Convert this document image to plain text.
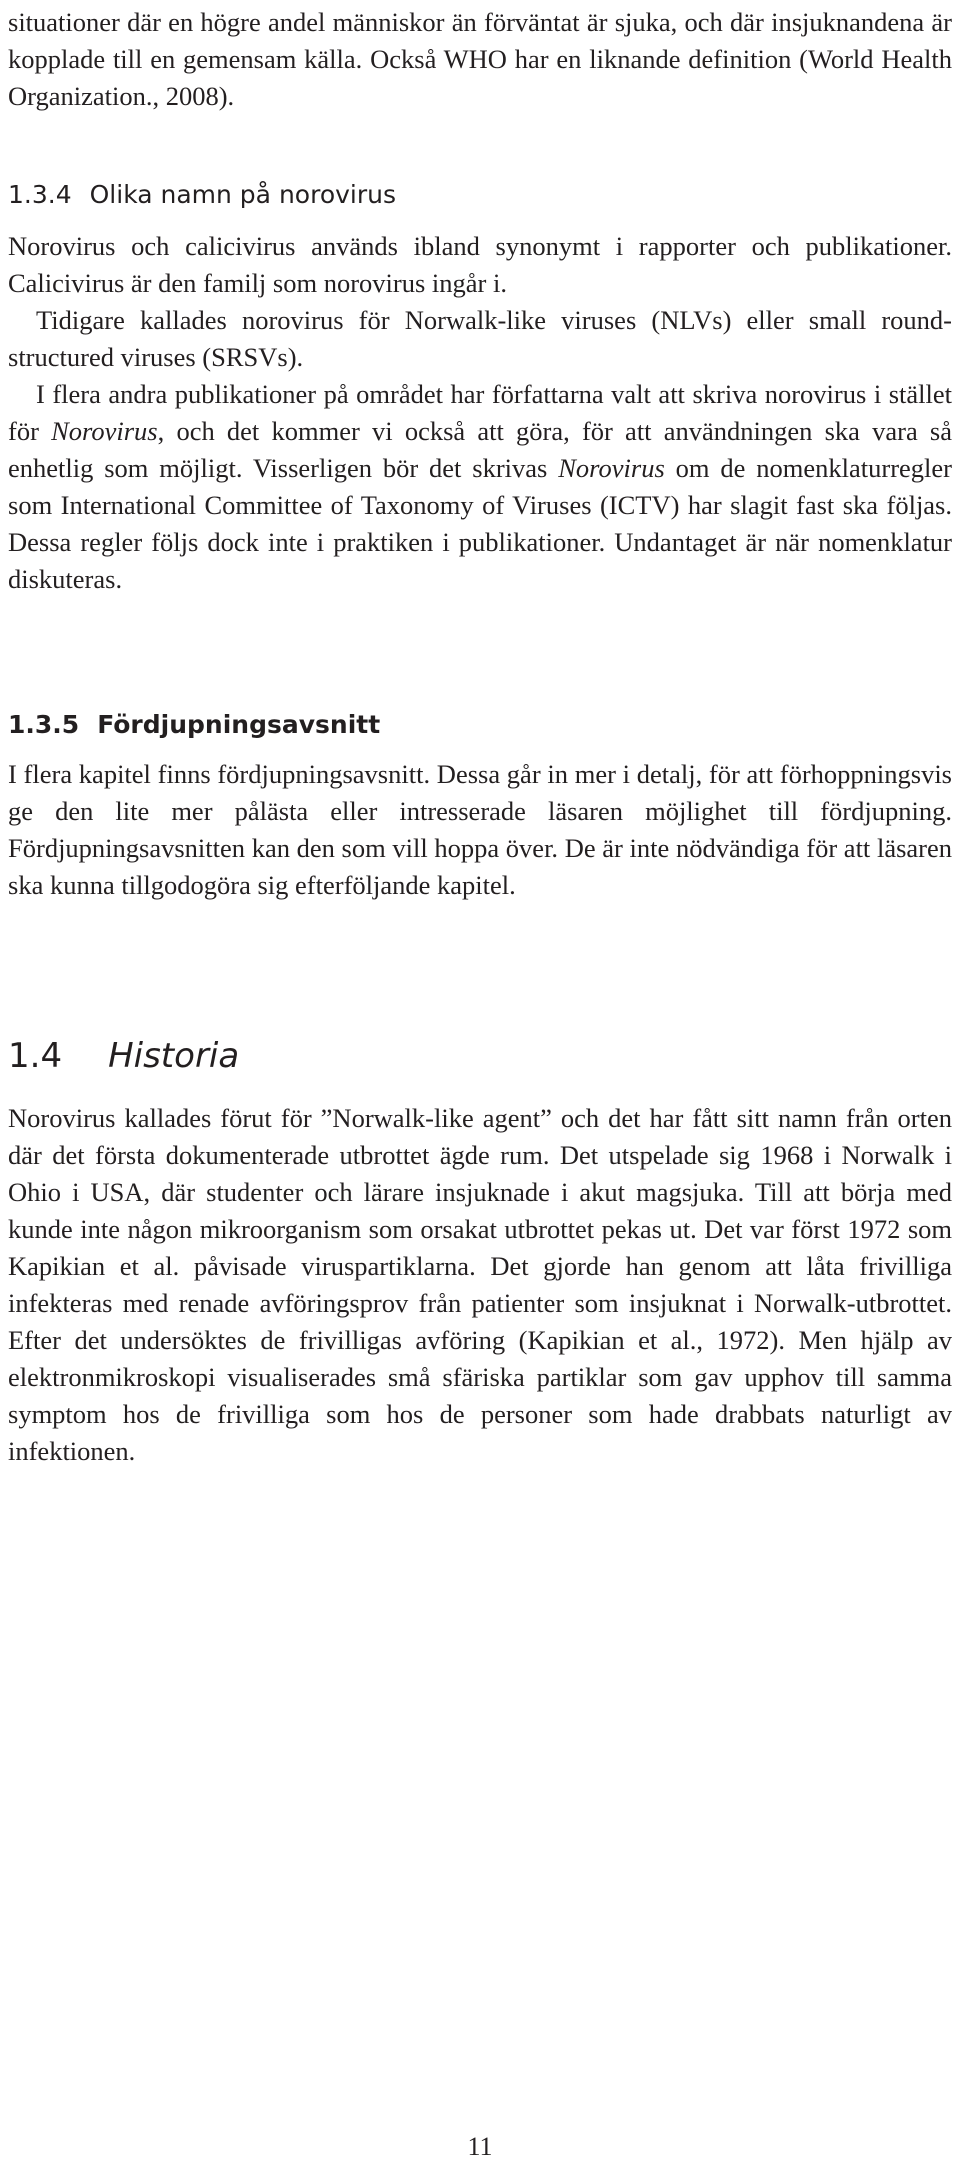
situationer där en högre andel människor än förväntat är sjuka, och där insjuknandena är kopplade till en gemensam källa. Också WHO har en liknande definition (World Health Organization., 2008).

1.3.4 Olika namn på norovirus

Norovirus och calicivirus används ibland synonymt i rapporter och publikationer. Calicivirus är den familj som norovirus ingår i.

Tidigare kallades norovirus för Norwalk-like viruses (NLVs) eller small round-structured viruses (SRSVs).

I flera andra publikationer på området har författarna valt att skriva norovirus i stället för Norovirus, och det kommer vi också att göra, för att användningen ska vara så enhetlig som möjligt. Visserligen bör det skrivas Norovirus om de nomenklaturregler som International Committee of Taxonomy of Viruses (ICTV) har slagit fast ska följas. Dessa regler följs dock inte i praktiken i publikationer. Undantaget är när nomenklatur diskuteras.

1.3.5 Fördjupningsavsnitt

I flera kapitel finns fördjupningsavsnitt. Dessa går in mer i detalj, för att förhoppningsvis ge den lite mer pålästa eller intresserade läsaren möjlighet till fördjupning. Fördjupningsavsnitten kan den som vill hoppa över. De är inte nödvändiga för att läsaren ska kunna tillgodogöra sig efterföljande kapitel.

1.4 Historia

Norovirus kallades förut för ”Norwalk-like agent” och det har fått sitt namn från orten där det första dokumenterade utbrottet ägde rum. Det utspelade sig 1968 i Norwalk i Ohio i USA, där studenter och lärare insjuknade i akut magsjuka. Till att börja med kunde inte någon mikroorganism som orsakat utbrottet pekas ut. Det var först 1972 som Kapikian et al. påvisade viruspartiklarna. Det gjorde han genom att låta frivilliga infekteras med renade avföringsprov från patienter som insjuknat i Norwalk-utbrottet. Efter det undersöktes de frivilligas avföring (Kapikian et al., 1972). Men hjälp av elektronmikroskopi visualiserades små sfäriska partiklar som gav upphov till samma symptom hos de frivilliga som hos de personer som hade drabbats naturligt av infektionen.

11
